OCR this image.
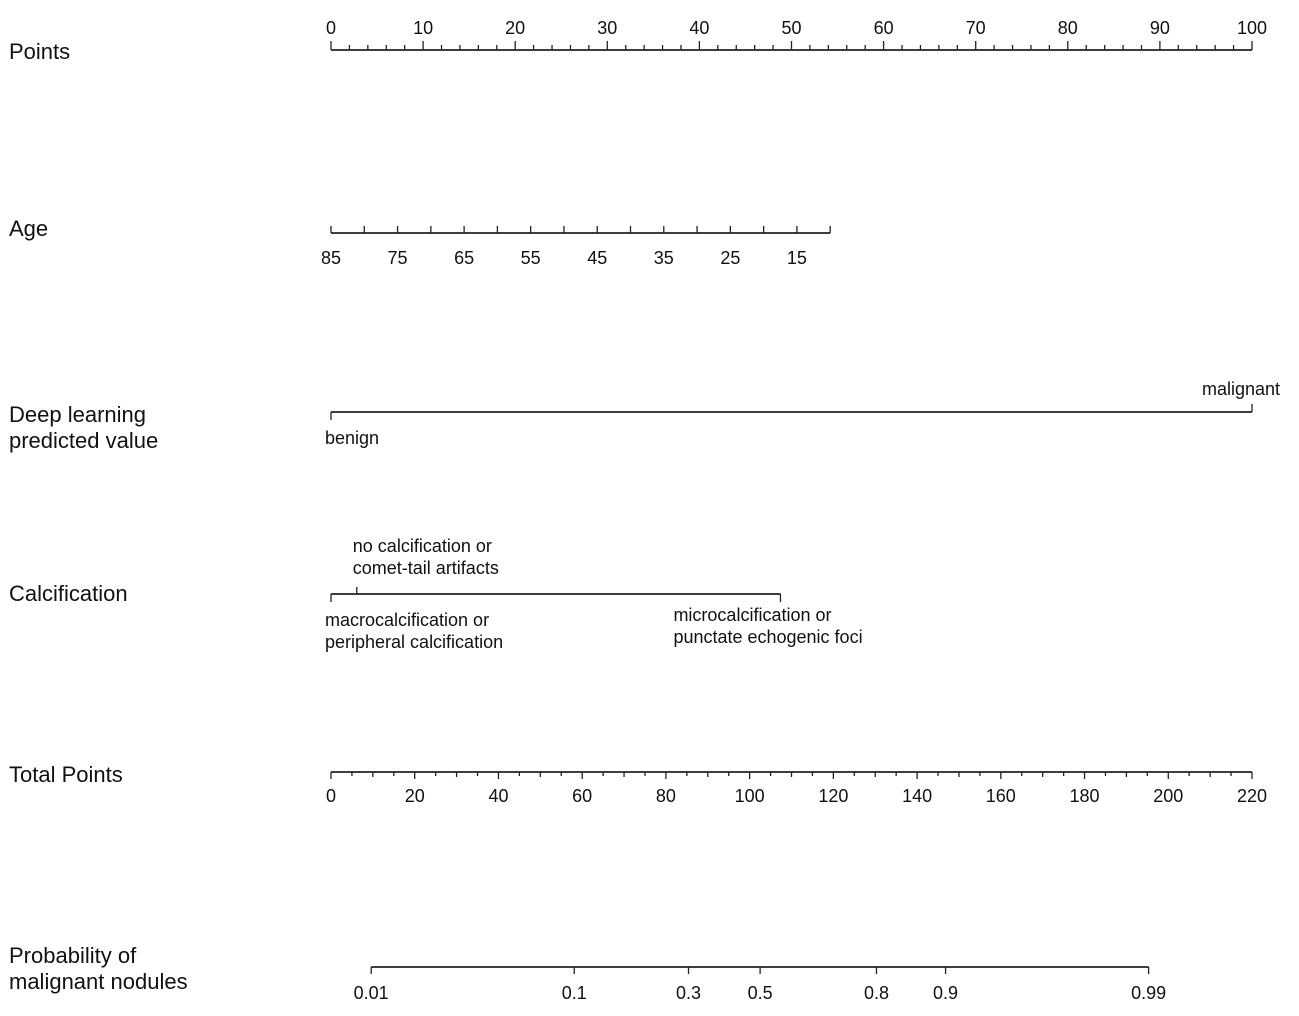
Points
0	10	20	30	40	50	60	70	80	90	100
Age
85	75	65	55	45	35	25	15
Deep learning
predicted value	benign
malignant
Calcification
macrocalcification or
peripheral calcification
no calcification or
comet-tail artifacts
microcalcification or
punctate echogenic foci
Total Points
0	20	40	60	80	100	120	140	160	180	200	220
Probability of
malignant nodules	0.01	0.1	0.3	0.5	0.8 0.9	0.99
